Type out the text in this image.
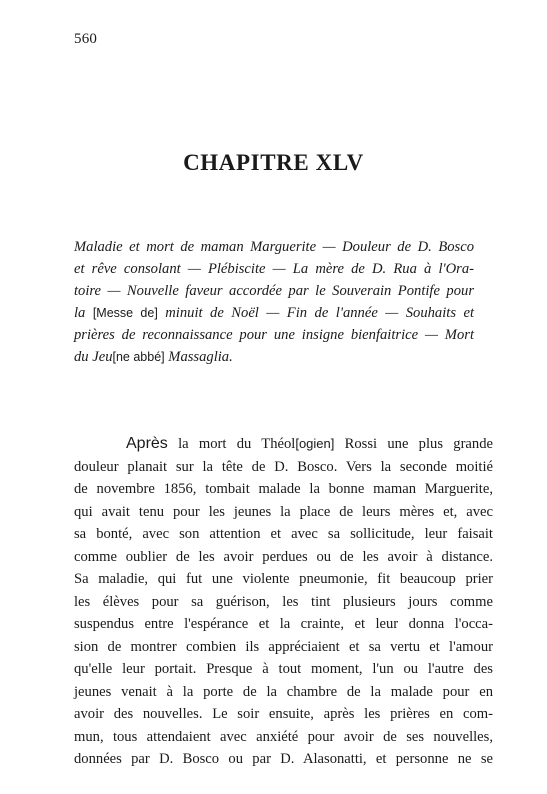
560
CHAPITRE XLV
Maladie et mort de maman Marguerite — Douleur de D. Bosco
et rêve consolant — Plébiscite — La mère de D. Rua à l'Ora-
toire — Nouvelle faveur accordée par le Souverain Pontife pour
la [Messe de] minuit de Noël — Fin de l'année — Souhaits et
prières de reconnaissance pour une insigne bienfaitrice — Mort
du Jeu[ne abbé] Massaglia.
Après la mort du Théol[ogien] Rossi une plus grande
douleur planait sur la tête de D. Bosco. Vers la seconde moitié
de novembre 1856, tombait malade la bonne maman Marguerite,
qui avait tenu pour les jeunes la place de leurs mères et, avec
sa bonté, avec son attention et avec sa sollicitude, leur faisait
comme oublier de les avoir perdues ou de les avoir à distance.
Sa maladie, qui fut une violente pneumonie, fit beaucoup prier
les élèves pour sa guérison, les tint plusieurs jours comme
suspendus entre l'espérance et la crainte, et leur donna l'occa-
sion de montrer combien ils appréciaient et sa vertu et l'amour
qu'elle leur portait. Presque à tout moment, l'un ou l'autre des
jeunes venait à la porte de la chambre de la malade pour en
avoir des nouvelles. Le soir ensuite, après les prières en com-
mun, tous attendaient avec anxiété pour avoir de ses nouvelles,
données par D. Bosco ou par D. Alasonatti, et personne ne se
